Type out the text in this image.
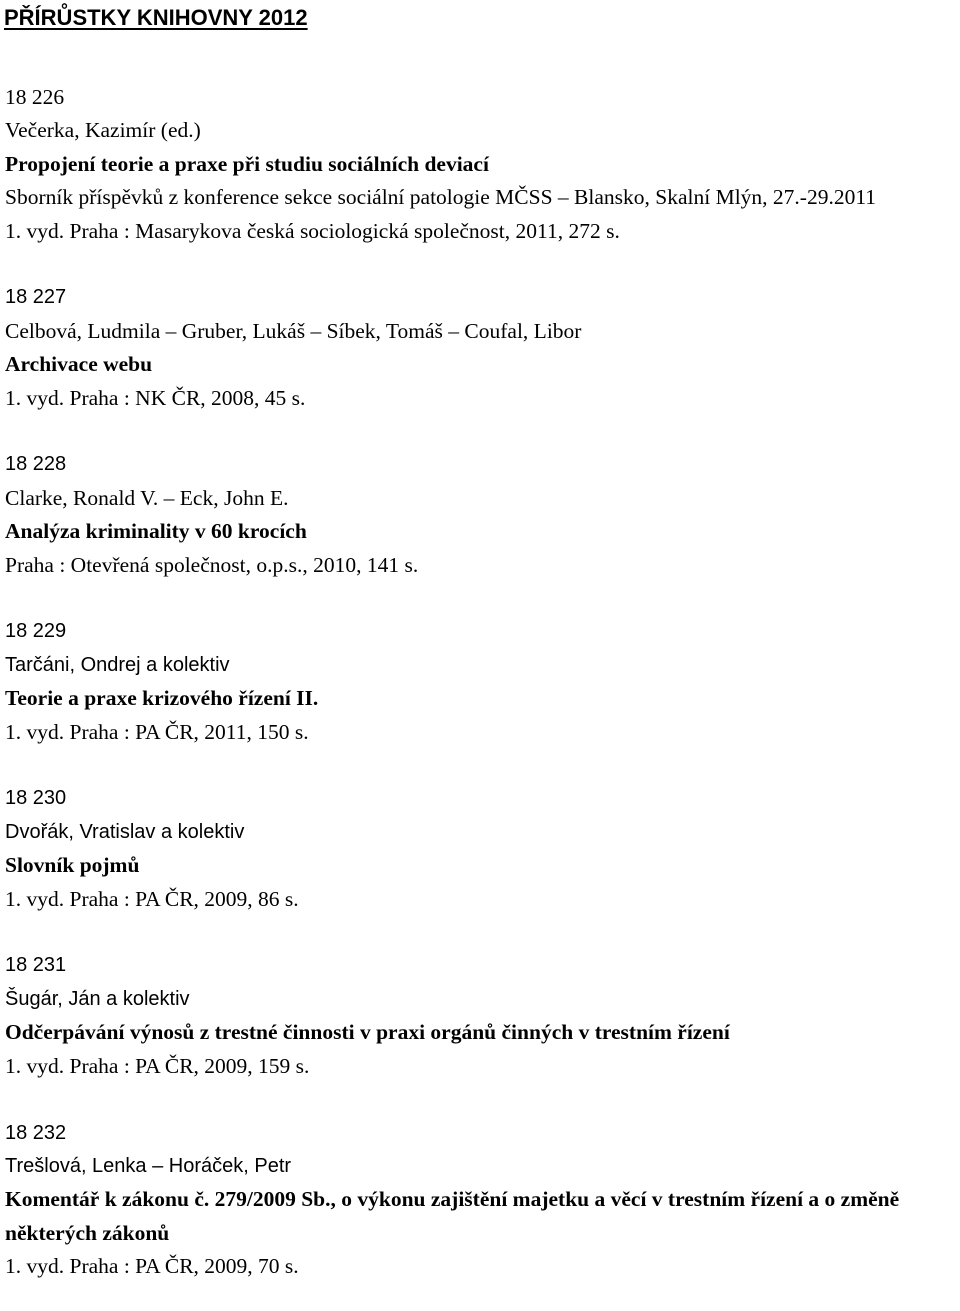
PŘÍRŮSTKY KNIHOVNY 2012
18 226
Večerka, Kazimír (ed.)
Propojení teorie a praxe při studiu sociálních deviací
Sborník příspěvků z konference sekce sociální patologie MČSS – Blansko, Skalní Mlýn, 27.-29.2011
1. vyd. Praha : Masarykova česká sociologická společnost, 2011, 272 s.
18 227
Celbová, Ludmila – Gruber, Lukáš – Síbek, Tomáš – Coufal, Libor
Archivace webu
1. vyd. Praha : NK ČR, 2008, 45 s.
18 228
Clarke, Ronald V. – Eck, John E.
Analýza kriminality v 60 krocích
Praha : Otevřená společnost, o.p.s., 2010, 141 s.
18 229
Tarčáni, Ondrej a kolektiv
Teorie a praxe krizového řízení II.
1. vyd. Praha : PA ČR, 2011, 150 s.
18 230
Dvořák, Vratislav a kolektiv
Slovník pojmů
1. vyd. Praha : PA ČR, 2009, 86 s.
18 231
Šugár, Ján a kolektiv
Odčerpávání výnosů z trestné činnosti v praxi orgánů činných v trestním řízení
1. vyd. Praha : PA ČR, 2009, 159 s.
18 232
Trešlová, Lenka – Horáček, Petr
Komentář k zákonu č. 279/2009 Sb., o výkonu zajištění majetku a věcí v trestním řízení a o změně některých zákonů
1. vyd. Praha : PA ČR, 2009, 70 s.
